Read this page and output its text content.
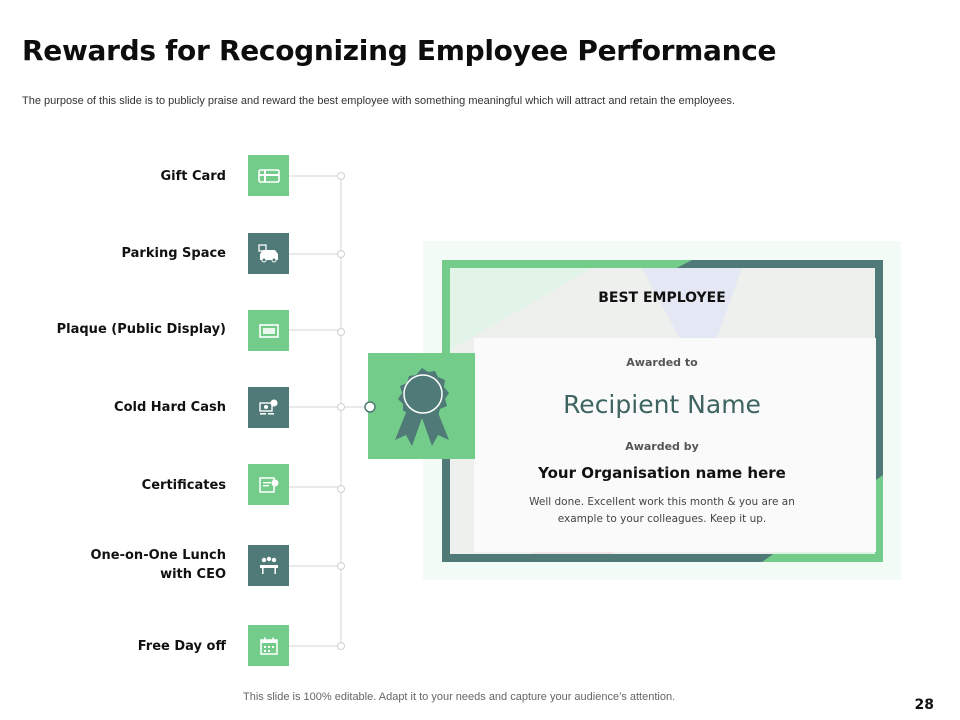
Rewards for Recognizing Employee Performance
The purpose of this slide is to publicly praise and reward the best employee with something meaningful which will attract and retain the employees.
Gift Card
Parking Space
Plaque (Public Display)
Cold Hard Cash
Certificates
One-on-One Lunch
with CEO
Free Day off
BEST EMPLOYEE
Awarded to
Recipient Name
Awarded by
Your Organisation name here
Well done. Excellent work this month & you are an
example to your colleagues. Keep it up.
This slide is 100% editable. Adapt it to your needs and capture your audience’s attention.	28
